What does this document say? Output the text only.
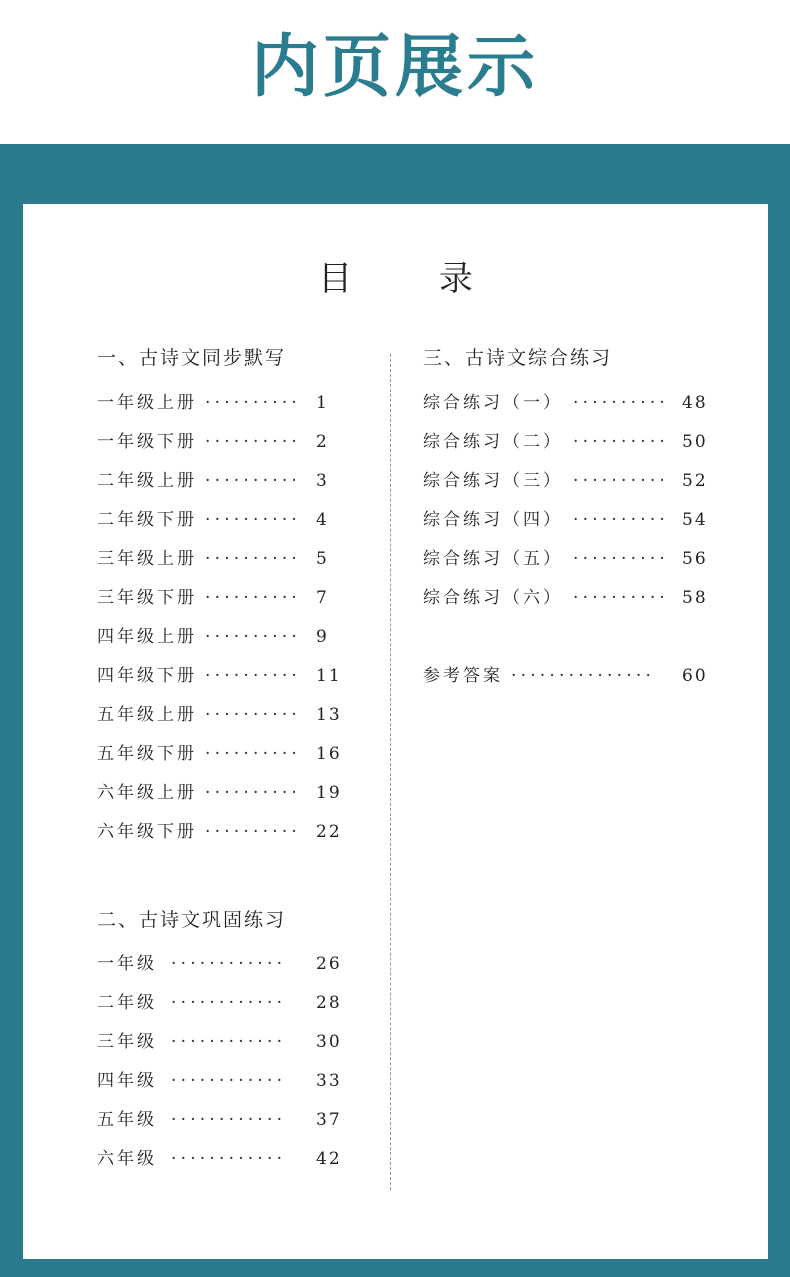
内页展示
目 录
一、古诗文同步默写
一年级上册 ·········· 1
一年级下册 ·········· 2
二年级上册 ·········· 3
二年级下册 ·········· 4
三年级上册 ·········· 5
三年级下册 ·········· 7
四年级上册 ·········· 9
四年级下册 ·········· 11
五年级上册 ·········· 13
五年级下册 ·········· 16
六年级上册 ·········· 19
六年级下册 ·········· 22
二、古诗文巩固练习
一年级 ············ 26
二年级 ············ 28
三年级 ············ 30
四年级 ············ 33
五年级 ············ 37
六年级 ············ 42
三、古诗文综合练习
综合练习（一） ·········· 48
综合练习（二） ·········· 50
综合练习（三） ·········· 52
综合练习（四） ·········· 54
综合练习（五） ·········· 56
综合练习（六） ·········· 58
参考答案 ··············· 60
